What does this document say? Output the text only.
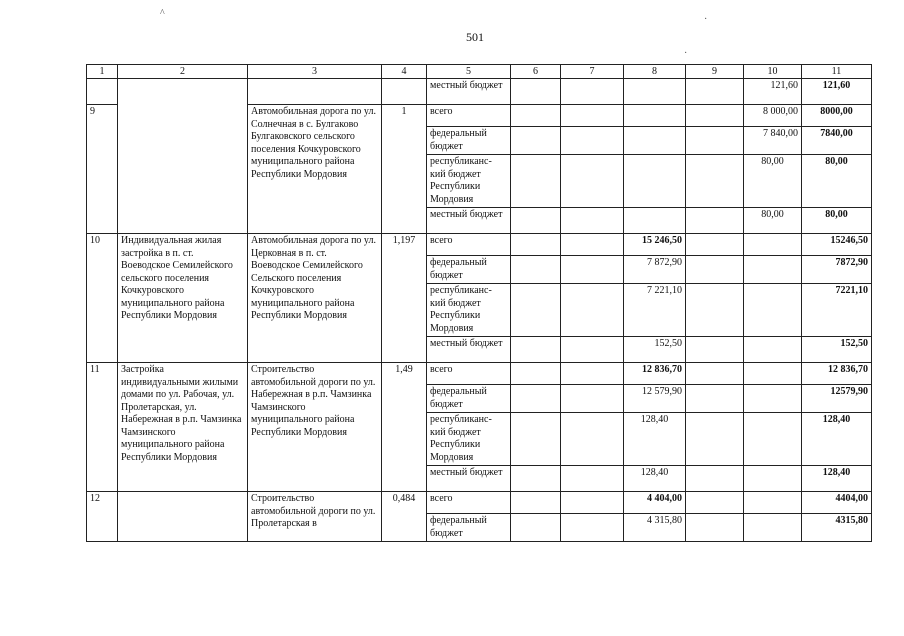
^
·
·
501
1	2	3	4	5	6	7	8	9	10	11
				местный бюджет					121,60	121,60
9		Автомобильная дорога по ул. Солнечная в с. Булгаково Булгаковского сельского поселения Кочкуровского муниципального района Республики Мордовия	1	всего					8 000,00	8000,00
				федеральный бюджет					7 840,00	7840,00
				республиканс-кий бюджет Республики Мордовия					80,00	80,00
				местный бюджет					80,00	80,00
10	Индивидуальная жилая застройка в п. ст. Воеводское Семилейского сельского поселения Кочкуровского муниципального района Республики Мордовия	Автомобильная дорога по ул. Церковная в п. ст. Воеводское Семилейского Сельского поселения Кочкуровского муниципального района Республики Мордовия	1,197	всего			15 246,50			15246,50
				федеральный бюджет			7 872,90			7872,90
				республиканс-кий бюджет Республики Мордовия			7 221,10			7221,10
				местный бюджет			152,50			152,50
11	Застройка индивидуальными жилыми домами по ул. Рабочая, ул. Пролетарская, ул. Набережная в р.п. Чамзинка Чамзинского муниципального района Республики Мордовия	Строительство автомобильной дороги по ул. Набережная в р.п. Чамзинка Чамзинского муниципального района Республики Мордовия	1,49	всего			12 836,70			12 836,70
				федеральный бюджет			12 579,90			12579,90
				республиканс-кий бюджет Республики Мордовия			128,40			128,40
				местный бюджет			128,40			128,40
12		Строительство автомобильной дороги по ул. Пролетарская в	0,484	всего			4 404,00			4404,00
				федеральный бюджет			4 315,80			4315,80
